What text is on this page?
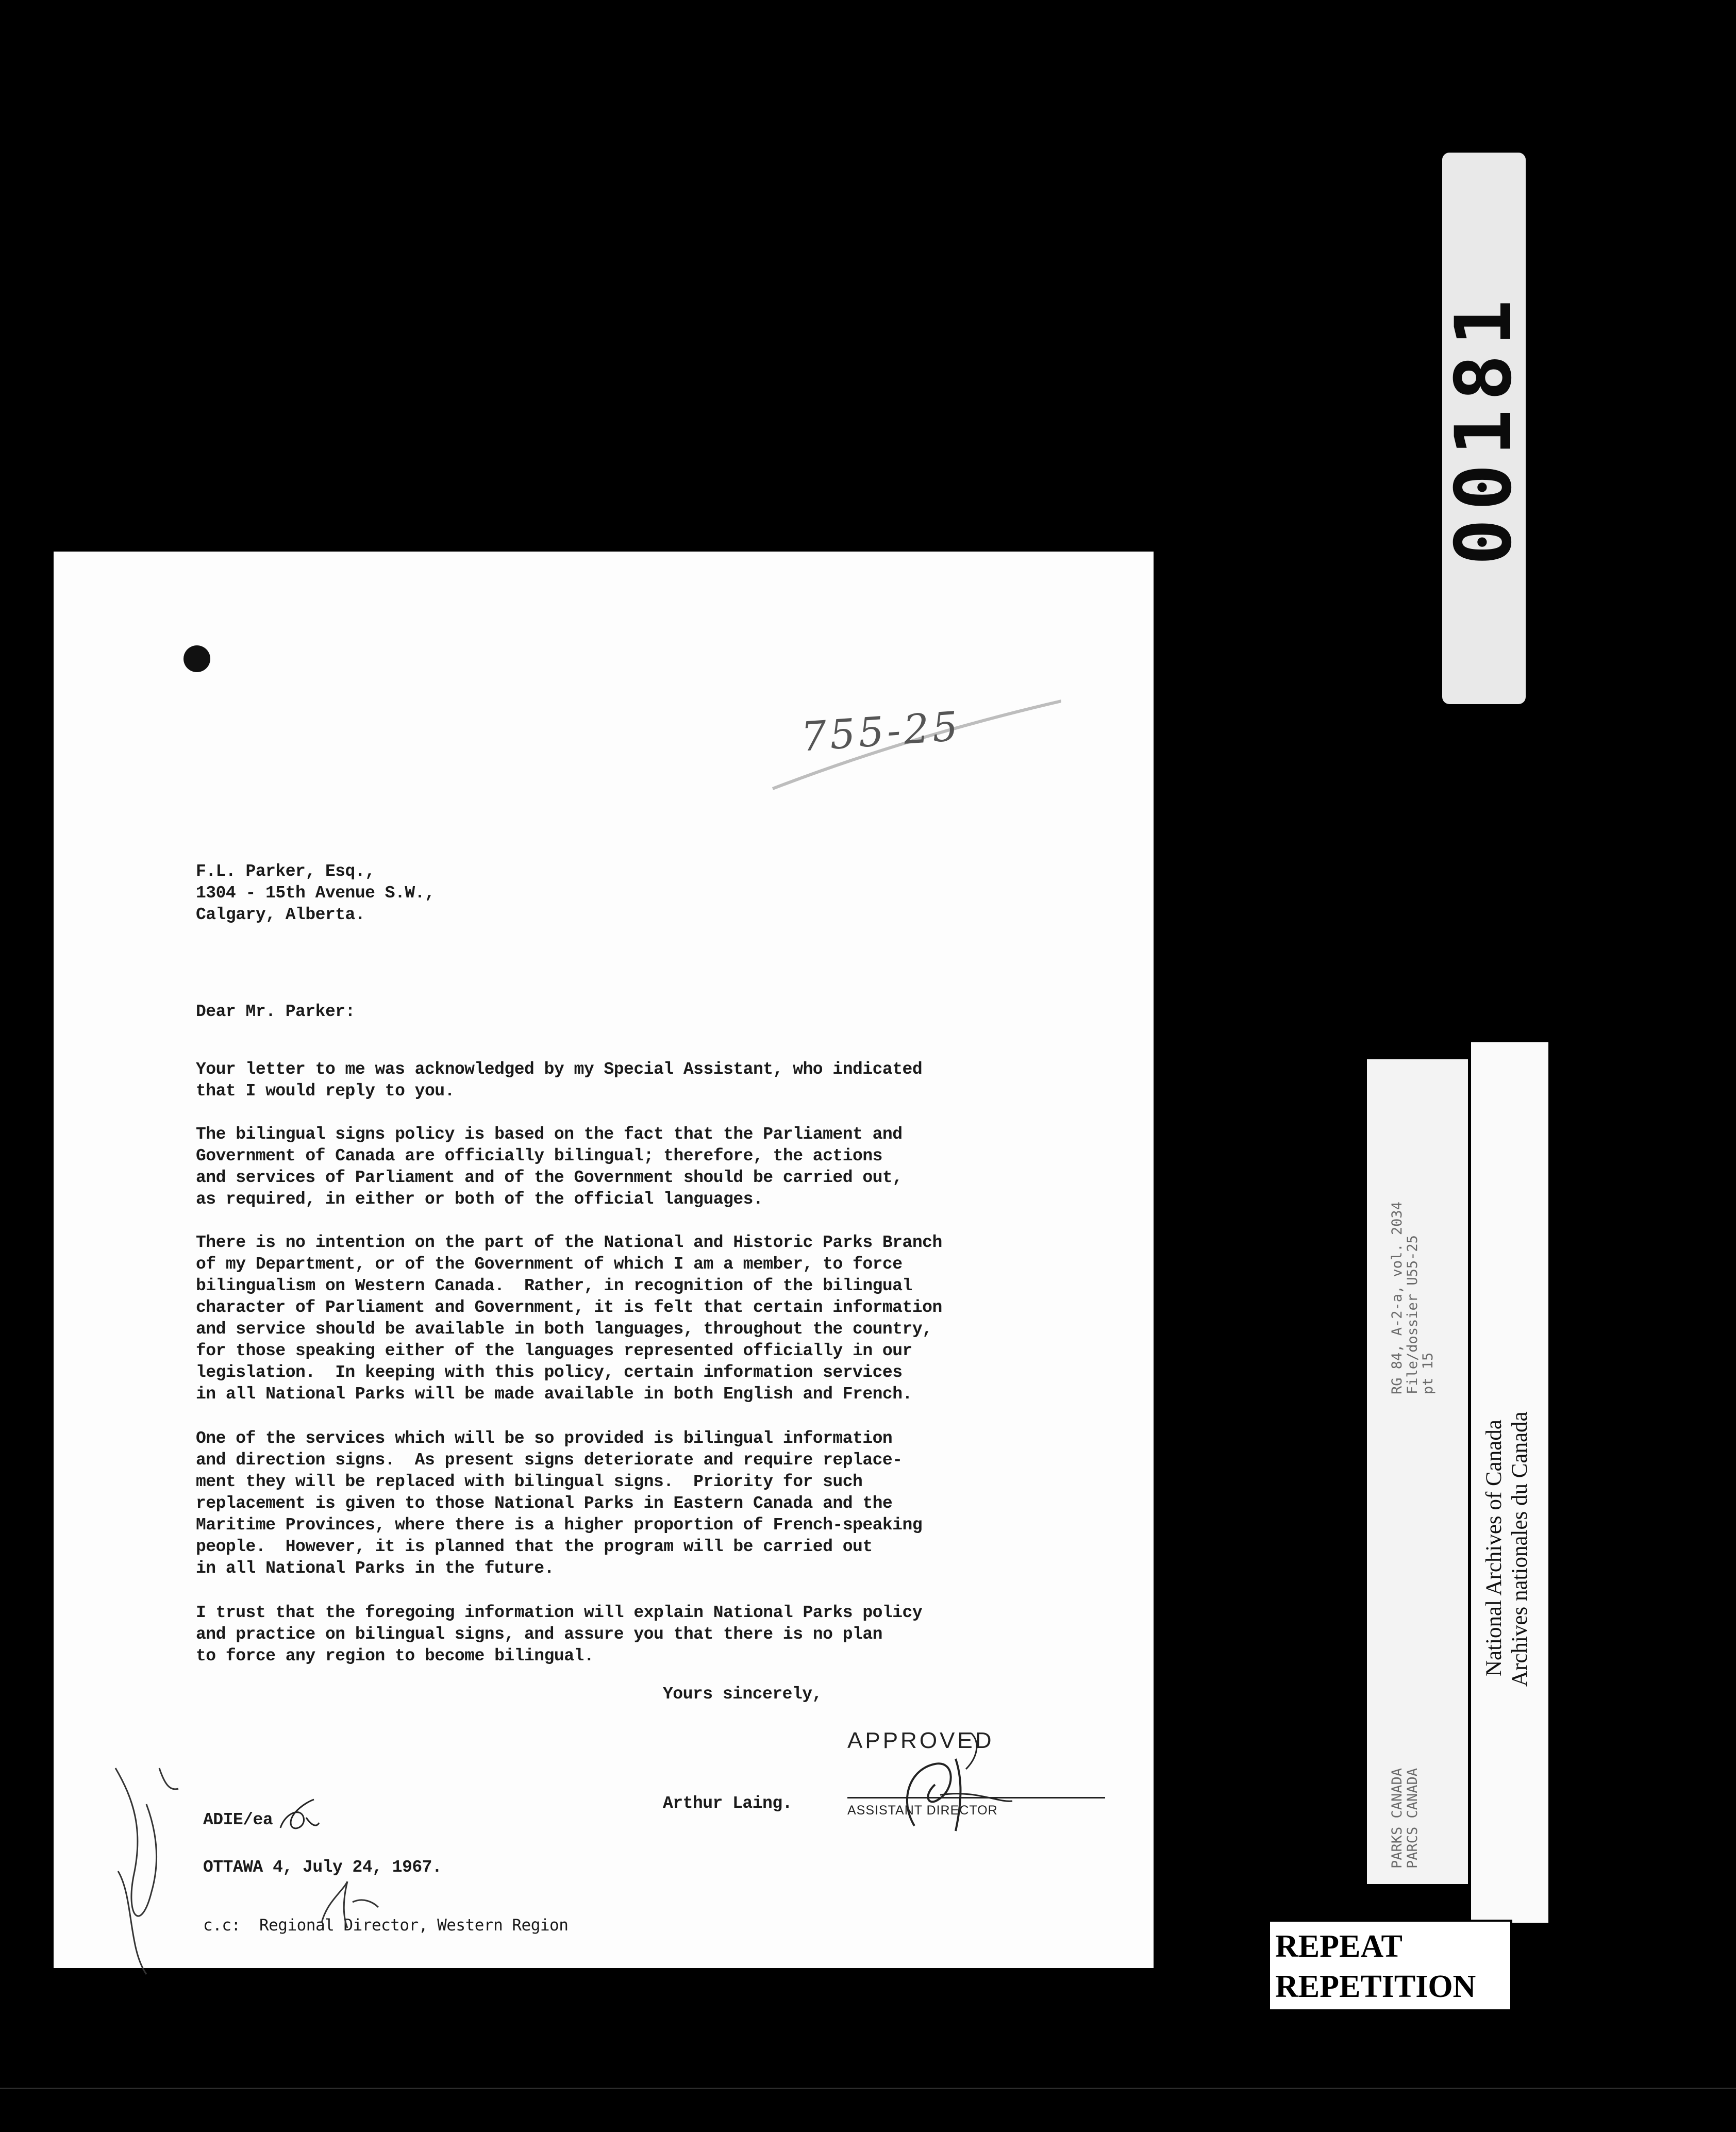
00181
755-25
F.L. Parker, Esq.,
1304 - 15th Avenue S.W.,
Calgary, Alberta.
Dear Mr. Parker:
Your letter to me was acknowledged by my Special Assistant, who indicated
that I would reply to you.
The bilingual signs policy is based on the fact that the Parliament and
Government of Canada are officially bilingual; therefore, the actions
and services of Parliament and of the Government should be carried out,
as required, in either or both of the official languages.
There is no intention on the part of the National and Historic Parks Branch
of my Department, or of the Government of which I am a member, to force
bilingualism on Western Canada.  Rather, in recognition of the bilingual
character of Parliament and Government, it is felt that certain information
and service should be available in both languages, throughout the country,
for those speaking either of the languages represented officially in our
legislation.  In keeping with this policy, certain information services
in all National Parks will be made available in both English and French.
One of the services which will be so provided is bilingual information
and direction signs.  As present signs deteriorate and require replace-
ment they will be replaced with bilingual signs.  Priority for such
replacement is given to those National Parks in Eastern Canada and the
Maritime Provinces, where there is a higher proportion of French-speaking
people.  However, it is planned that the program will be carried out
in all National Parks in the future.
I trust that the foregoing information will explain National Parks policy
and practice on bilingual signs, and assure you that there is no plan
to force any region to become bilingual.
Yours sincerely,
APPROVED
ASSISTANT DIRECTOR
Arthur Laing.
ADIE/ea
OTTAWA 4, July 24, 1967.
c.c:  Regional Director, Western Region
RG 84, A-2-a, vol. 2034 File/dossier U55-25 pt 15
PARKS CANADA PARCS CANADA
National Archives of Canada Archives nationales du Canada
REPEAT
REPETITION
